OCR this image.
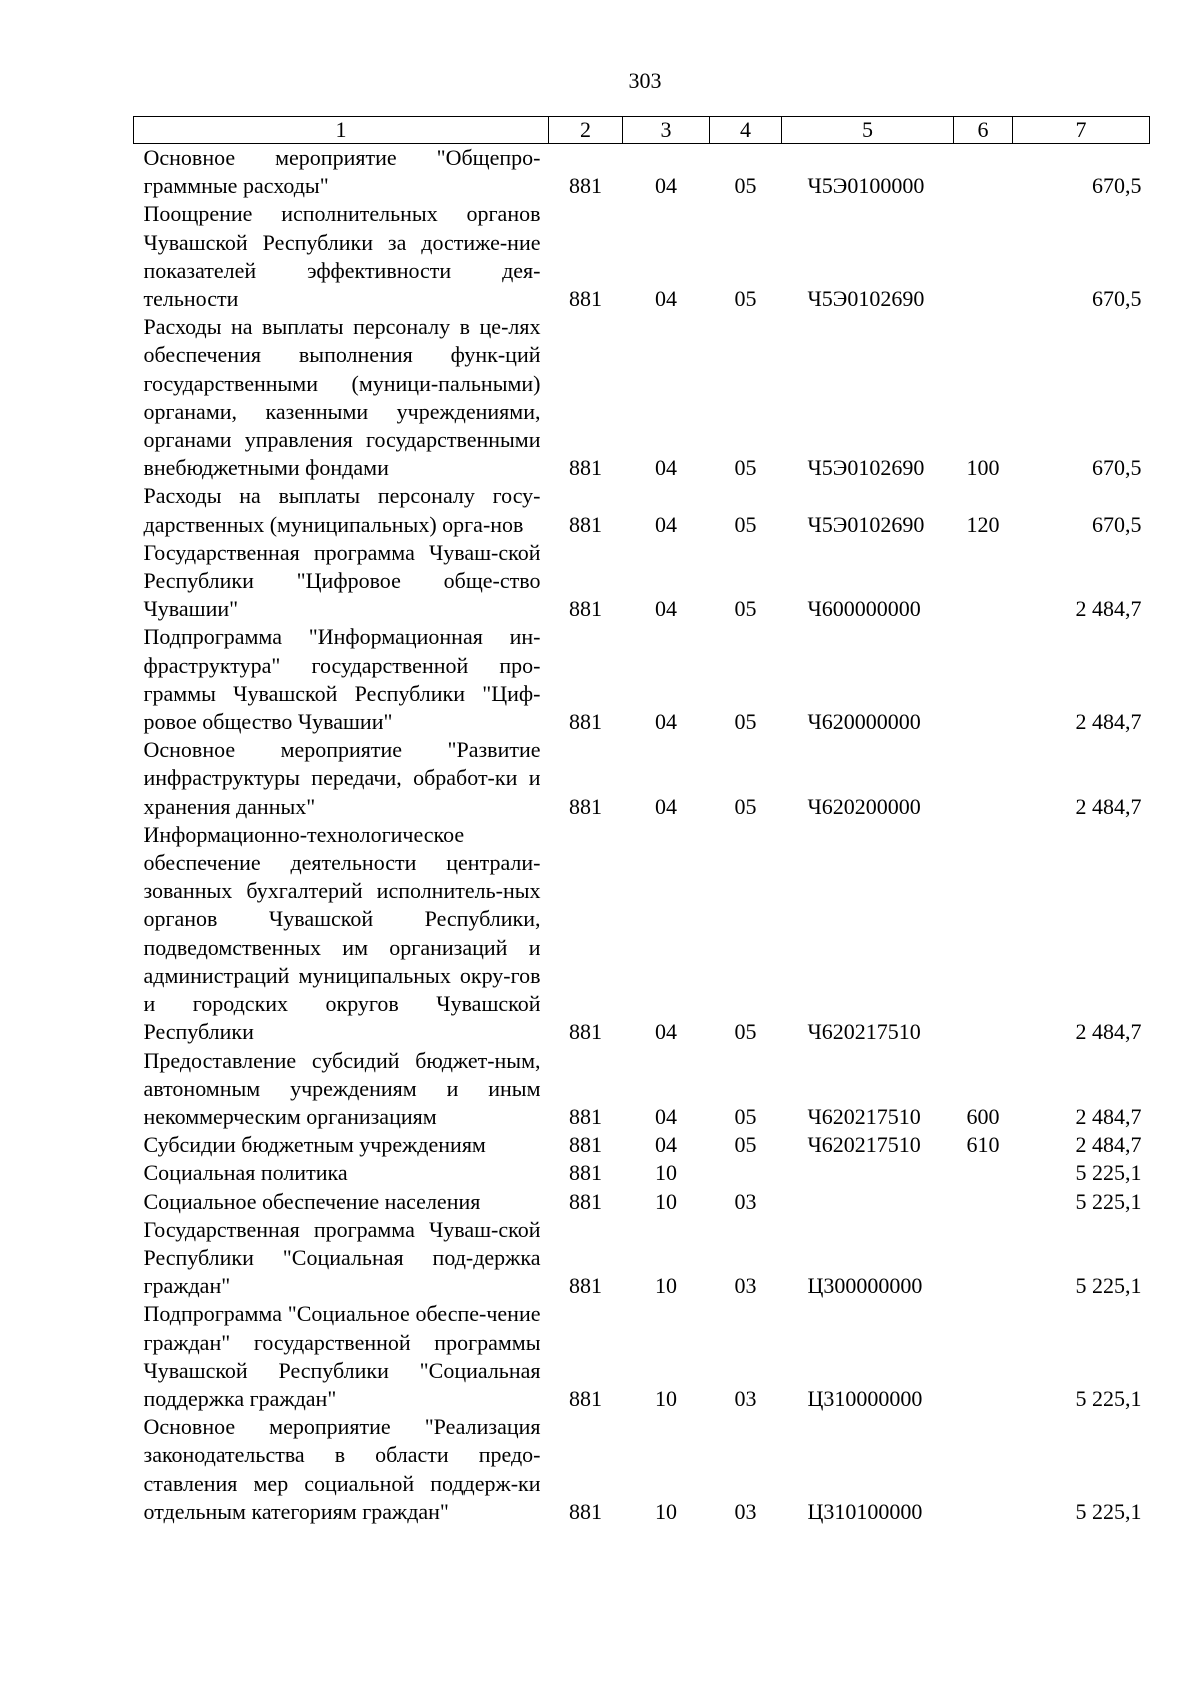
303
1	2	3	4	5	6	7
Основное мероприятие "Общепро-граммные расходы"	881	04	05	Ч5Э0100000		670,5
Поощрение исполнительных органов Чувашской Республики за достиже-ние показателей эффективности дея-тельности	881	04	05	Ч5Э0102690		670,5
Расходы на выплаты персоналу в це-лях обеспечения выполнения функ-ций государственными (муници-пальными) органами, казенными учреждениями, органами управления государственными внебюджетными фондами	881	04	05	Ч5Э0102690	100	670,5
Расходы на выплаты персоналу госу-дарственных (муниципальных) орга-нов	881	04	05	Ч5Э0102690	120	670,5
Государственная программа Чуваш-ской Республики "Цифровое обще-ство Чувашии"	881	04	05	Ч600000000		2 484,7
Подпрограмма "Информационная ин-фраструктура" государственной про-граммы Чувашской Республики "Циф-ровое общество Чувашии"	881	04	05	Ч620000000		2 484,7
Основное мероприятие "Развитие инфраструктуры передачи, обработ-ки и хранения данных"	881	04	05	Ч620200000		2 484,7
Информационно-технологическое обеспечение деятельности централи-зованных бухгалтерий исполнитель-ных органов Чувашской Республики, подведомственных им организаций и администраций муниципальных окру-гов и городских округов Чувашской Республики	881	04	05	Ч620217510		2 484,7
Предоставление субсидий бюджет-ным, автономным учреждениям и иным некоммерческим организациям	881	04	05	Ч620217510	600	2 484,7
Субсидии бюджетным учреждениям	881	04	05	Ч620217510	610	2 484,7
Социальная политика	881	10				5 225,1
Социальное обеспечение населения	881	10	03			5 225,1
Государственная программа Чуваш-ской Республики "Социальная под-держка граждан"	881	10	03	Ц300000000		5 225,1
Подпрограмма "Социальное обеспе-чение граждан" государственной программы Чувашской Республики "Социальная поддержка граждан"	881	10	03	Ц310000000		5 225,1
Основное мероприятие "Реализация законодательства в области предо-ставления мер социальной поддерж-ки отдельным категориям граждан"	881	10	03	Ц310100000		5 225,1
